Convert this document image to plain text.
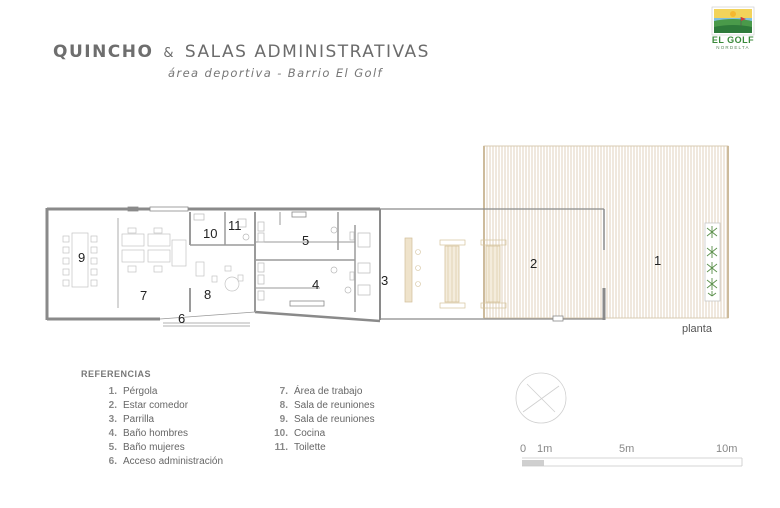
QUINCHO & SALAS ADMINISTRATIVAS
área deportiva - Barrio El Golf
EL GOLF
NORDELTA
1
2
3
4
5
6
7	8
9
10
11
planta
REFERENCIAS
1. Pérgola
2. Estar comedor
3. Parrilla
4. Baño hombres
5. Baño mujeres
6. Acceso administración
7. Área de trabajo
8. Sala de reuniones
9. Sala de reuniones
10. Cocina
11. Toilette	0 1m	5m	10m
